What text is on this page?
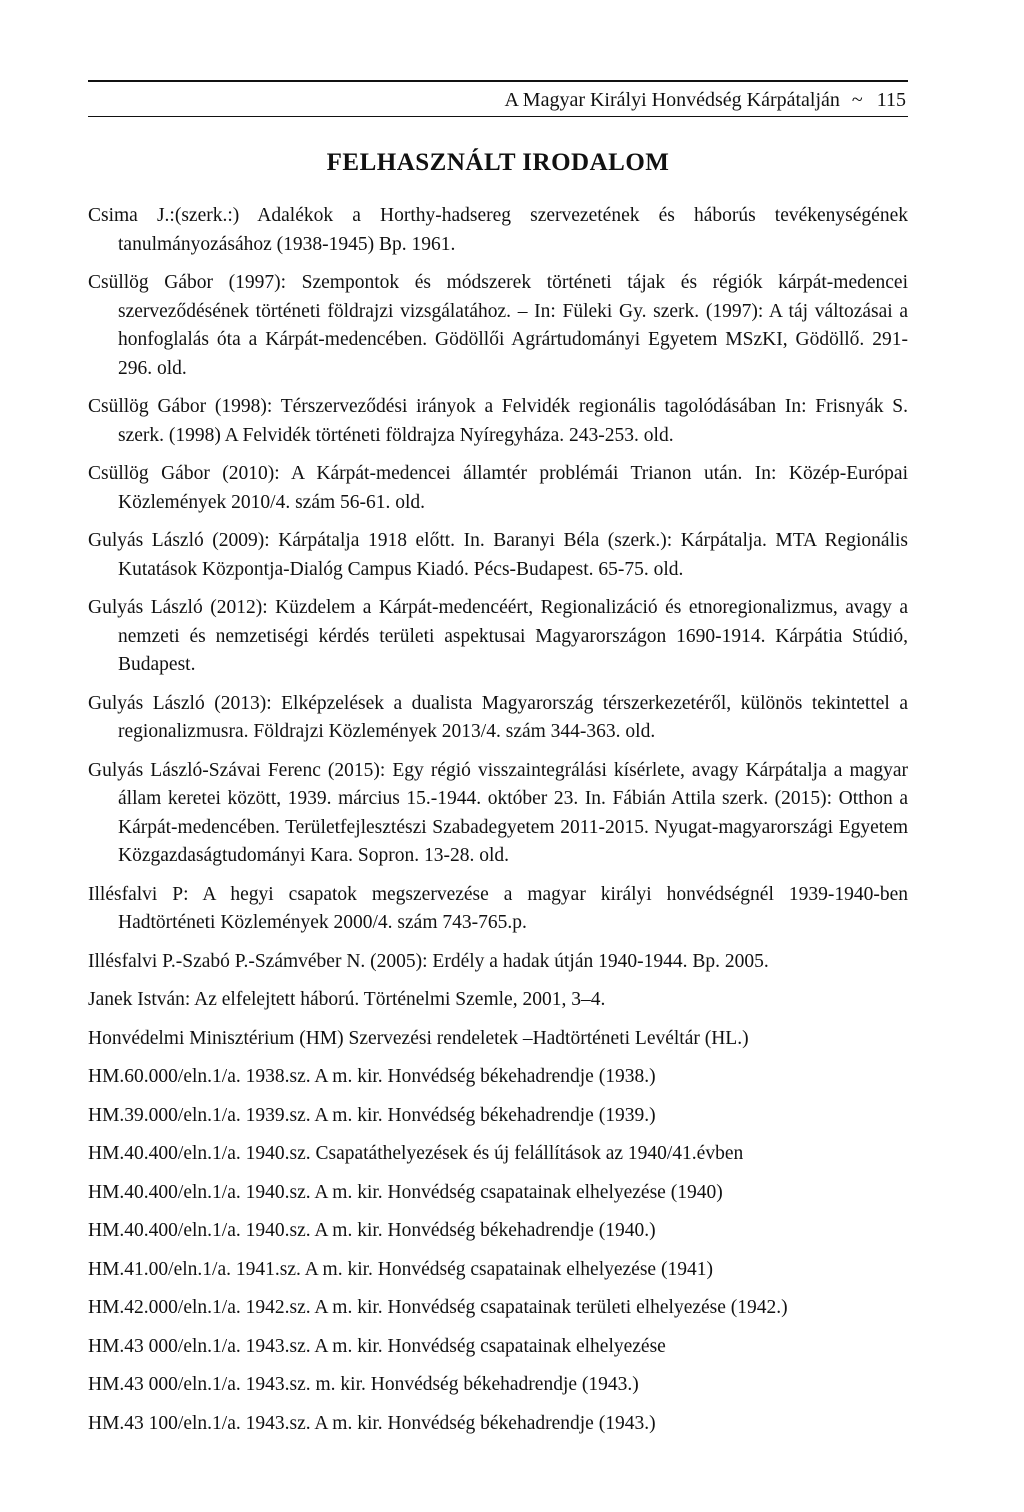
A Magyar Királyi Honvédség Kárpátalján ~ 115
FELHASZNÁLT IRODALOM
Csima J.:(szerk.:) Adalékok a Horthy-hadsereg szervezetének és háborús tevékenységének tanulmányozásához (1938-1945) Bp. 1961.
Csüllög Gábor (1997): Szempontok és módszerek történeti tájak és régiók kárpát-medencei szerveződésének történeti földrajzi vizsgálatához. – In: Füleki Gy. szerk. (1997): A táj változásai a honfoglalás óta a Kárpát-medencében. Gödöllői Agrártudományi Egyetem MSzKI, Gödöllő. 291-296. old.
Csüllög Gábor (1998): Térszerveződési irányok a Felvidék regionális tagolódásában In: Frisnyák S. szerk. (1998) A Felvidék történeti földrajza Nyíregyháza. 243-253. old.
Csüllög Gábor (2010): A Kárpát-medencei államtér problémái Trianon után. In: Közép-Európai Közlemények 2010/4. szám 56-61. old.
Gulyás László (2009): Kárpátalja 1918 előtt. In. Baranyi Béla (szerk.): Kárpátalja. MTA Regionális Kutatások Központja-Dialóg Campus Kiadó. Pécs-Budapest. 65-75. old.
Gulyás László (2012): Küzdelem a Kárpát-medencéért, Regionalizáció és etnoregionalizmus, avagy a nemzeti és nemzetiségi kérdés területi aspektusai Magyarországon 1690-1914. Kárpátia Stúdió, Budapest.
Gulyás László (2013): Elképzelések a dualista Magyarország térszerkezetéről, különös tekintettel a regionalizmusra. Földrajzi Közlemények 2013/4. szám 344-363. old.
Gulyás László-Szávai Ferenc (2015): Egy régió visszaintegrálási kísérlete, avagy Kárpátalja a magyar állam keretei között, 1939. március 15.-1944. október 23. In. Fábián Attila szerk. (2015): Otthon a Kárpát-medencében. Területfejlesztészi Szabadegyetem 2011-2015. Nyugat-magyarországi Egyetem Közgazdaságtudományi Kara. Sopron. 13-28. old.
Illésfalvi P: A hegyi csapatok megszervezése a magyar királyi honvédségnél 1939-1940-ben Hadtörténeti Közlemények 2000/4. szám 743-765.p.
Illésfalvi P.-Szabó P.-Számvéber N. (2005): Erdély a hadak útján 1940-1944. Bp. 2005.
Janek István: Az elfelejtett háború. Történelmi Szemle, 2001, 3–4.
Honvédelmi Minisztérium (HM) Szervezési rendeletek –Hadtörténeti Levéltár (HL.)
HM.60.000/eln.1/a. 1938.sz. A m. kir. Honvédség békehadrendje (1938.)
HM.39.000/eln.1/a. 1939.sz. A m. kir. Honvédség békehadrendje (1939.)
HM.40.400/eln.1/a. 1940.sz. Csapatáthelyezések és új felállítások az 1940/41.évben
HM.40.400/eln.1/a. 1940.sz. A m. kir. Honvédség csapatainak elhelyezése (1940)
HM.40.400/eln.1/a. 1940.sz. A m. kir. Honvédség békehadrendje (1940.)
HM.41.00/eln.1/a. 1941.sz. A m. kir. Honvédség csapatainak elhelyezése (1941)
HM.42.000/eln.1/a. 1942.sz. A m. kir. Honvédség csapatainak területi elhelyezése (1942.)
HM.43 000/eln.1/a. 1943.sz. A m. kir. Honvédség csapatainak elhelyezése
HM.43 000/eln.1/a. 1943.sz. m. kir. Honvédség békehadrendje (1943.)
HM.43 100/eln.1/a. 1943.sz. A m. kir. Honvédség békehadrendje (1943.)
